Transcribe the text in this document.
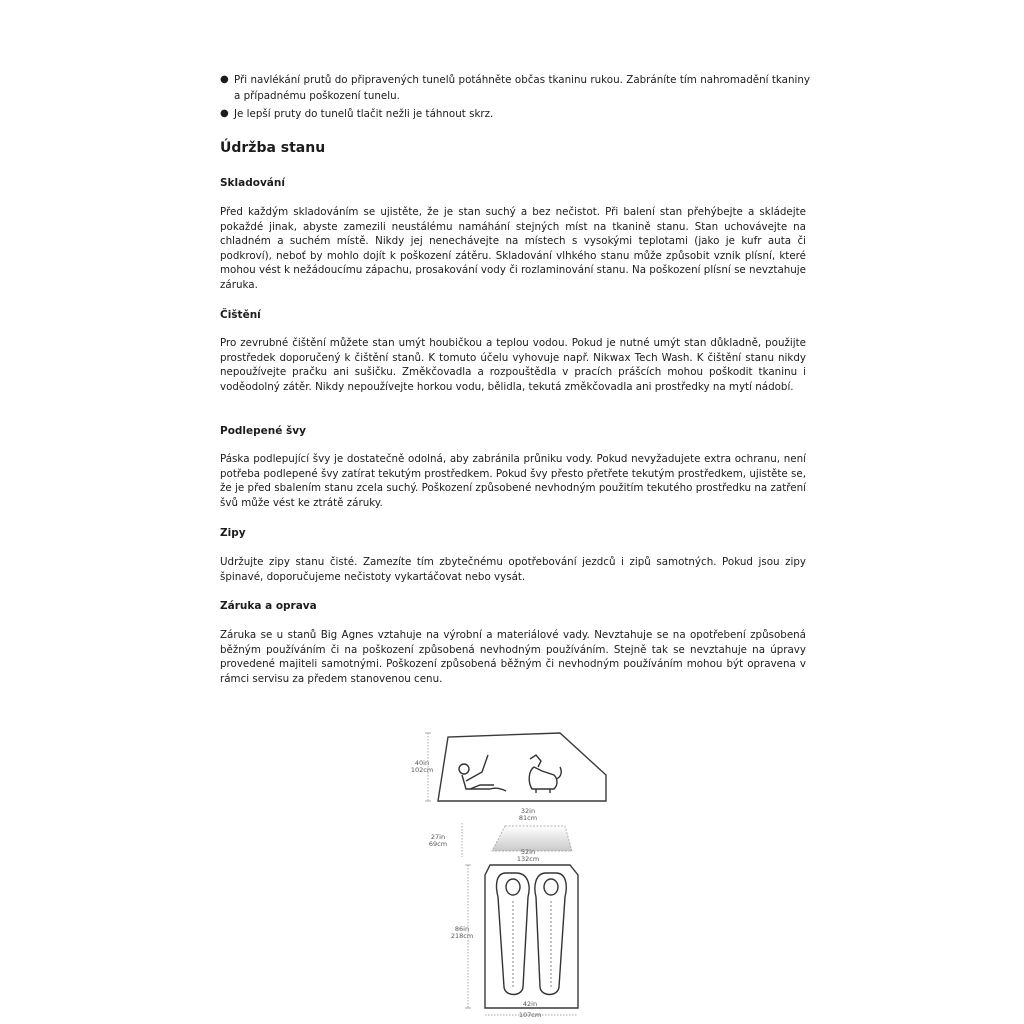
● Při navlékání prutů do připravených tunelů potáhněte občas tkaninu rukou. Zabráníte tím nahromadění tkaniny a případnému poškození tunelu.
● Je lepší pruty do tunelů tlačit nežli je táhnout skrz.
Údržba stanu
Skladování

Před každým skladováním se ujistěte, že je stan suchý a bez nečistot. Při balení stan přehýbejte a skládejte pokaždé jinak, abyste zamezili neustálému namáhání stejných míst na tkanině stanu. Stan uchovávejte na chladném a suchém místě. Nikdy jej nenechávejte na místech s vysokými teplotami (jako je kufr auta či podkroví), neboť by mohlo dojít k poškození zátěru. Skladování vlhkého stanu může způsobit vznik plísní, které mohou vést k nežádoucímu zápachu, prosakování vody či rozlaminování stanu. Na poškození plísní se nevztahuje záruka.

Čištění

Pro zevrubné čištění můžete stan umýt houbičkou a teplou vodou. Pokud je nutné umýt stan důkladně, použijte prostředek doporučený k čištění stanů. K tomuto účelu vyhovuje např. Nikwax Tech Wash. K čištění stanu nikdy nepoužívejte pračku ani sušičku. Změkčovadla a rozpouštědla v pracích prášcích mohou poškodit tkaninu i voděodolný zátěr. Nikdy nepoužívejte horkou vodu, bělidla, tekutá změkčovadla ani prostředky na mytí nádobí.

Podlepené švy

Páska podlepující švy je dostatečně odolná, aby zabránila průniku vody. Pokud nevyžadujete extra ochranu, není potřeba podlepené švy zatírat tekutým prostředkem. Pokud švy přesto přetřete tekutým prostředkem, ujistěte se, že je před sbalením stanu zcela suchý. Poškození způsobené nevhodným použitím tekutého prostředku na zatření švů může vést ke ztrátě záruky.

Zipy

Udržujte zipy stanu čisté. Zamezíte tím zbytečnému opotřebování jezdců i zipů samotných. Pokud jsou zipy špinavé, doporučujeme nečistoty vykartáčovat nebo vysát.

Záruka a oprava

Záruka se u stanů Big Agnes vztahuje na výrobní a materiálové vady. Nevztahuje se na opotřebení způsobená běžným používáním či na poškození způsobená nevhodným používáním. Stejně tak se nevztahuje na úpravy provedené majiteli samotnými. Poškození způsobená běžným či nevhodným používáním mohou být opravena v rámci servisu za předem stanovenou cenu.

40in
102cm
32in
81cm
27in
69cm
52in
132cm
86in
218cm
42in
107cm
